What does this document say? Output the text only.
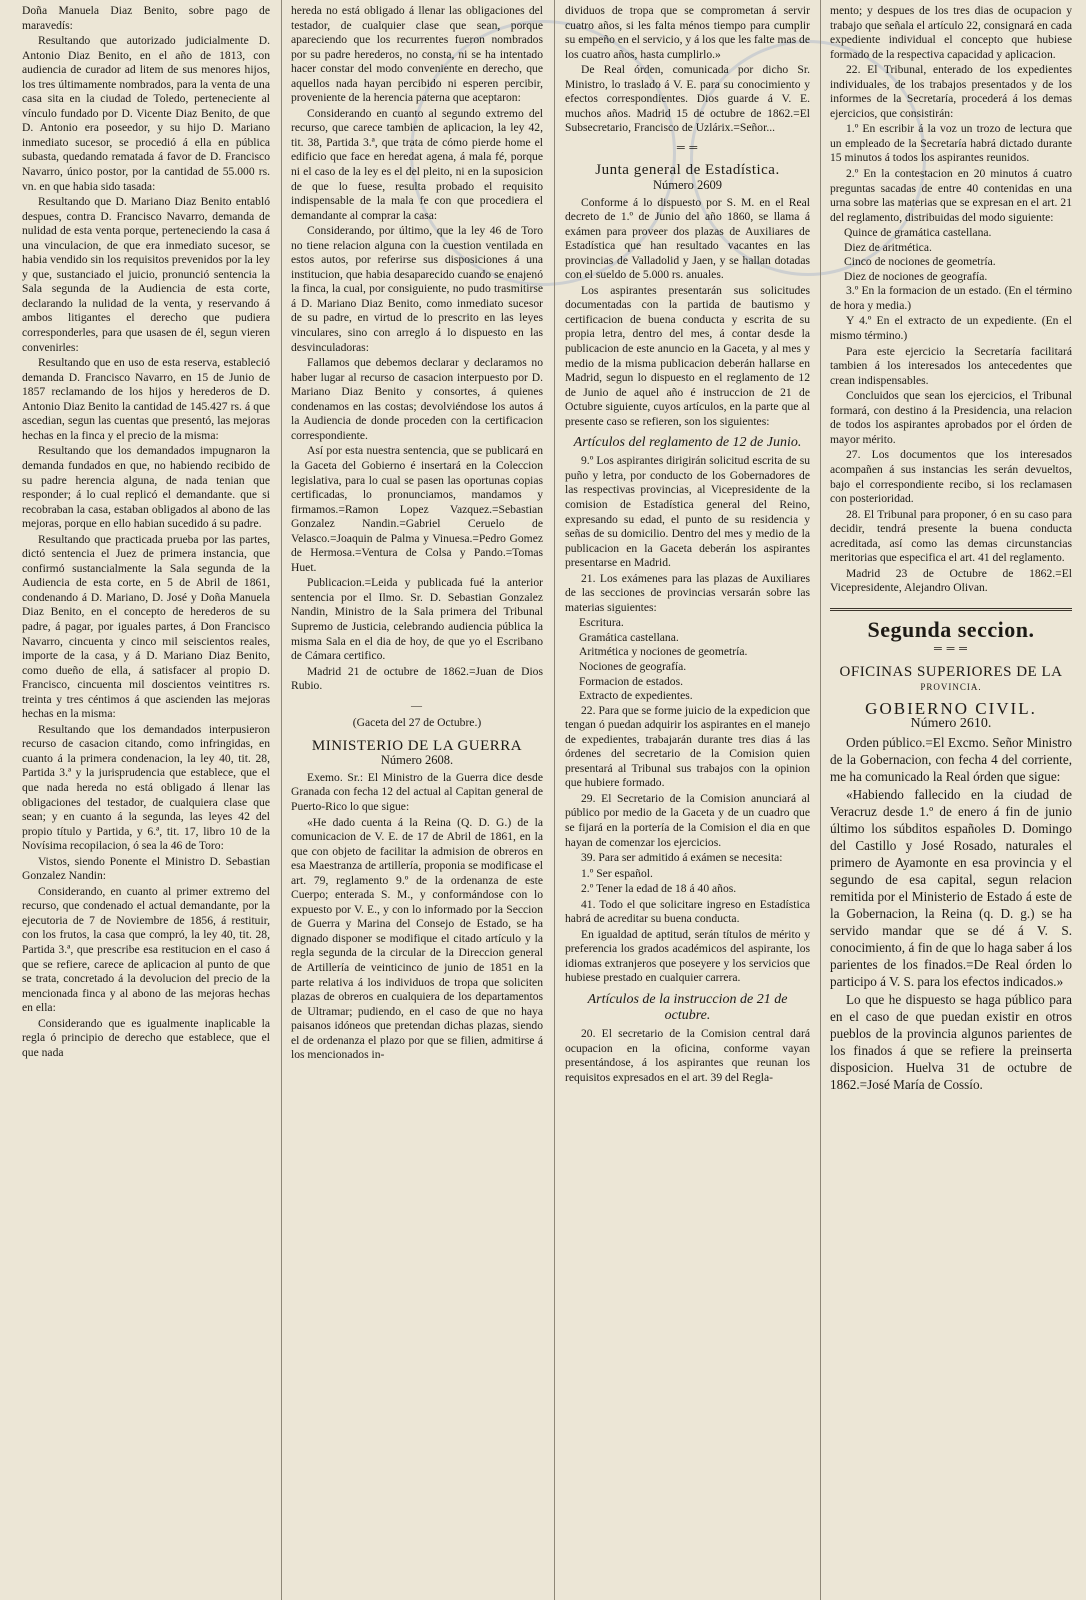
Doña Manuela Diaz Benito, sobre pago de maravedís:

Resultando que autorizado judicialmente D. Antonio Diaz Benito, en el año de 1813, con audiencia de curador ad litem de sus menores hijos, los tres últimamente nombrados, para la venta de una casa sita en la ciudad de Toledo, perteneciente al vínculo fundado por D. Vicente Diaz Benito, de que D. Antonio era poseedor, y su hijo D. Mariano inmediato sucesor, se procedió á ella en pública subasta, quedando rematada á favor de D. Francisco Navarro, único postor, por la cantidad de 55.000 rs. vn. en que habia sido tasada:

Resultando que D. Mariano Diaz Benito entabló despues, contra D. Francisco Navarro, demanda de nulidad de esta venta porque, perteneciendo la casa á una vinculacion, de que era inmediato sucesor, se habia vendido sin los requisitos prevenidos por la ley y que, sustanciado el juicio, pronunció sentencia la Sala segunda de la Audiencia de esta corte, declarando la nulidad de la venta, y reservando á ambos litigantes el derecho que pudiera corresponderles, para que usasen de él, segun vieren convenirles:

Resultando que en uso de esta reserva, estableció demanda D. Francisco Navarro, en 15 de Junio de 1857 reclamando de los hijos y herederos de D. Antonio Diaz Benito la cantidad de 145.427 rs. á que ascedian, segun las cuentas que presentó, las mejoras hechas en la finca y el precio de la misma:

Resultando que los demandados impugnaron la demanda fundados en que, no habiendo recibido de su padre herencia alguna, de nada tenian que responder; á lo cual replicó el demandante. que si recobraban la casa, estaban obligados al abono de las mejoras, porque en ello habian sucedido á su padre.

Resultando que practicada prueba por las partes, dictó sentencia el Juez de primera instancia, que confirmó sustancialmente la Sala segunda de la Audiencia de esta corte, en 5 de Abril de 1861, condenando á D. Mariano, D. José y Doña Manuela Diaz Benito, en el concepto de herederos de su padre, á pagar, por iguales partes, á Don Francisco Navarro, cincuenta y cinco mil seiscientos reales, importe de la casa, y á D. Mariano Diaz Benito, como dueño de ella, á satisfacer al propio D. Francisco, cincuenta mil doscientos veintitres rs. treinta y tres céntimos á que ascienden las mejoras hechas en la misma:

Resultando que los demandados interpusieron recurso de casacion citando, como infringidas, en cuanto á la primera condenacion, la ley 40, tit. 28, Partida 3.ª y la jurisprudencia que establece, que el que nada hereda no está obligado á llenar las obligaciones del testador, de cualquiera clase que sean; y en cuanto á la segunda, las leyes 42 del propio título y Partida, y 6.ª, tit. 17, libro 10 de la Novísima recopilacion, ó sea la 46 de Toro:

Vistos, siendo Ponente el Ministro D. Sebastian Gonzalez Nandin:

Considerando, en cuanto al primer extremo del recurso, que condenado el actual demandante, por la ejecutoria de 7 de Noviembre de 1856, á restituir, con los frutos, la casa que compró, la ley 40, tit. 28, Partida 3.ª, que prescribe esa restitucion en el caso á que se refiere, carece de aplicacion al punto de que se trata, concretado á la devolucion del precio de la mencionada finca y al abono de las mejoras hechas en ella:

Considerando que es igualmente inaplicable la regla ó principio de derecho que establece, que el que nada

hereda no está obligado á llenar las obligaciones del testador, de cualquier clase que sean, porque apareciendo que los recurrentes fueron nombrados por su padre herederos, no consta, ni se ha intentado hacer constar del modo conveniente en derecho, que aquellos nada hayan percibido ni esperen percibir, proveniente de la herencia paterna que aceptaron:

Considerando en cuanto al segundo extremo del recurso, que carece tambien de aplicacion, la ley 42, tit. 38, Partida 3.ª, que trata de cómo pierde home el edificio que face en heredat agena, á mala fé, porque ni el caso de la ley es el del pleito, ni en la suposicion de que lo fuese, resulta probado el requisito indispensable de la mala fe con que procediera el demandante al comprar la casa:

Considerando, por último, que la ley 46 de Toro no tiene relacion alguna con la cuestion ventilada en estos autos, por referirse sus disposiciones á una institucion, que habia desaparecido cuando se enajenó la finca, la cual, por consiguiente, no pudo trasmitirse á D. Mariano Diaz Benito, como inmediato sucesor de su padre, en virtud de lo prescrito en las leyes vinculares, sino con arreglo á lo dispuesto en las desvinculadoras:

Fallamos que debemos declarar y declaramos no haber lugar al recurso de casacion interpuesto por D. Mariano Diaz Benito y consortes, á quienes condenamos en las costas; devolviéndose los autos á la Audiencia de donde proceden con la certificacion correspondiente.

Así por esta nuestra sentencia, que se publicará en la Gaceta del Gobierno é insertará en la Coleccion legislativa, para lo cual se pasen las oportunas copias certificadas, lo pronunciamos, mandamos y firmamos.=Ramon Lopez Vazquez.=Sebastian Gonzalez Nandin.=Gabriel Ceruelo de Velasco.=Joaquin de Palma y Vinuesa.=Pedro Gomez de Hermosa.=Ventura de Colsa y Pando.=Tomas Huet.

Publicacion.=Leida y publicada fué la anterior sentencia por el Ilmo. Sr. D. Sebastian Gonzalez Nandin, Ministro de la Sala primera del Tribunal Supremo de Justicia, celebrando audiencia pública la misma Sala en el dia de hoy, de que yo el Escribano de Cámara certifico.

Madrid 21 de octubre de 1862.=Juan de Dios Rubio.

—

(Gaceta del 27 de Octubre.)

MINISTERIO DE LA GUERRA
Número 2608.

Exemo. Sr.: El Ministro de la Guerra dice desde Granada con fecha 12 del actual al Capitan general de Puerto-Rico lo que sigue:

«He dado cuenta á la Reina (Q. D. G.) de la comunicacion de V. E. de 17 de Abril de 1861, en la que con objeto de facilitar la admision de obreros en esa Maestranza de artillería, proponia se modificase el art. 79, reglamento 9.º de la ordenanza de este Cuerpo; enterada S. M., y conformándose con lo expuesto por V. E., y con lo informado por la Seccion de Guerra y Marina del Consejo de Estado, se ha dignado disponer se modifique el citado artículo y la regla segunda de la circular de la Direccion general de Artillería de veinticinco de junio de 1851 en la parte relativa á los individuos de tropa que soliciten plazas de obreros en cualquiera de los departamentos de Ultramar; pudiendo, en el caso de que no haya paisanos idóneos que pretendan dichas plazas, siendo el de ordenanza el plazo por que se filien, admitirse á los mencionados in-

dividuos de tropa que se comprometan á servir cuatro años, si les falta ménos tiempo para cumplir su empeño en el servicio, y á los que les falte mas de los cuatro años, hasta cumplirlo.»

De Real órden, comunicada por dicho Sr. Ministro, lo traslado á V. E. para su conocimiento y efectos correspondientes. Dios guarde á V. E. muchos años. Madrid 15 de octubre de 1862.=El Subsecretario, Francisco de Uzlárix.=Señor...

═ ═
Junta general de Estadística.
Número 2609

Conforme á lo dispuesto por S. M. en el Real decreto de 1.º de Junio del año 1860, se llama á exámen para proveer dos plazas de Auxiliares de Estadística que han resultado vacantes en las provincias de Valladolid y Jaen, y se hallan dotadas con el sueldo de 5.000 rs. anuales.

Los aspirantes presentarán sus solicitudes documentadas con la partida de bautismo y certificacion de buena conducta y escrita de su propia letra, dentro del mes, á contar desde la publicacion de este anuncio en la Gaceta, y al mes y medio de la misma publicacion deberán hallarse en Madrid, segun lo dispuesto en el reglamento de 12 de Junio de aquel año é instruccion de 21 de Octubre siguiente, cuyos artículos, en la parte que al presente caso se refieren, son los siguientes:

Artículos del reglamento de 12 de Junio.

9.º Los aspirantes dirigirán solicitud escrita de su puño y letra, por conducto de los Gobernadores de las respectivas provincias, al Vicepresidente de la comision de Estadística general del Reino, expresando su edad, el punto de su residencia y señas de su domicilio. Dentro del mes y medio de la publicacion en la Gaceta deberán los aspirantes presentarse en Madrid.

21. Los exámenes para las plazas de Auxiliares de las secciones de provincias versarán sobre las materias siguientes:

Escritura.

Gramática castellana.

Aritmética y nociones de geometría.

Nociones de geografía.

Formacion de estados.

Extracto de expedientes.

22. Para que se forme juicio de la expedicion que tengan ó puedan adquirir los aspirantes en el manejo de expedientes, trabajarán durante tres dias á las órdenes del secretario de la Comision quien presentará al Tribunal sus trabajos con la opinion que hubiere formado.

29. El Secretario de la Comision anunciará al público por medio de la Gaceta y de un cuadro que se fijará en la portería de la Comision el dia en que hayan de comenzar los ejercicios.

39. Para ser admitido á exámen se necesita:

1.º Ser español.

2.º Tener la edad de 18 á 40 años.

41. Todo el que solicitare ingreso en Estadística habrá de acreditar su buena conducta.

En igualdad de aptitud, serán títulos de mérito y preferencia los grados académicos del aspirante, los idiomas extranjeros que poseyere y los servicios que hubiese prestado en cualquier carrera.

Artículos de la instruccion de 21 de octubre.

20. El secretario de la Comision central dará ocupacion en la oficina, conforme vayan presentándose, á los aspirantes que reunan los requisitos expresados en el art. 39 del Regla-

mento; y despues de los tres dias de ocupacion y trabajo que señala el artículo 22, consignará en cada expediente individual el concepto que hubiese formado de la respectiva capacidad y aplicacion.

22. El Tribunal, enterado de los expedientes individuales, de los trabajos presentados y de los informes de la Secretaría, procederá á los demas ejercicios, que consistirán:

1.º En escribir á la voz un trozo de lectura que un empleado de la Secretaría habrá dictado durante 15 minutos á todos los aspirantes reunidos.

2.º En la contestacion en 20 minutos á cuatro preguntas sacadas de entre 40 contenidas en una urna sobre las materias que se expresan en el art. 21 del reglamento, distribuidas del modo siguiente:

Quince de gramática castellana.

Diez de aritmética.

Cinco de nociones de geometría.

Diez de nociones de geografía.

3.º En la formacion de un estado. (En el término de hora y media.)

Y 4.º En el extracto de un expediente. (En el mismo término.)

Para este ejercicio la Secretaría facilitará tambien á los interesados los antecedentes que crean indispensables.

Concluidos que sean los ejercicios, el Tribunal formará, con destino á la Presidencia, una relacion de todos los aspirantes aprobados por el órden de mayor mérito.

27. Los documentos que los interesados acompañen á sus instancias les serán devueltos, bajo el correspondiente recibo, si los reclamasen con posterioridad.

28. El Tribunal para proponer, ó en su caso para decidir, tendrá presente la buena conducta acreditada, así como las demas circunstancias meritorias que especifica el art. 41 del reglamento.

Madrid 23 de Octubre de 1862.=El Vicepresidente, Alejandro Olivan.

Segunda seccion.
═ ═ ═
OFICINAS SUPERIORES DE LA
PROVINCIA.
GOBIERNO CIVIL.
Número 2610.

Orden público.=El Excmo. Señor Ministro de la Gobernacion, con fecha 4 del corriente, me ha comunicado la Real órden que sigue:

«Habiendo fallecido en la ciudad de Veracruz desde 1.º de enero á fin de junio último los súbditos españoles D. Domingo del Castillo y José Rosado, naturales el primero de Ayamonte en esa provincia y el segundo de esa capital, segun relacion remitida por el Ministerio de Estado á este de la Gobernacion, la Reina (q. D. g.) se ha servido mandar que se dé á V. S. conocimiento, á fin de que lo haga saber á los parientes de los finados.=De Real órden lo participo á V. S. para los efectos indicados.»

Lo que he dispuesto se haga público para en el caso de que puedan existir en otros pueblos de la provincia algunos parientes de los finados á que se refiere la preinserta disposicion. Huelva 31 de octubre de 1862.=José María de Cossío.
